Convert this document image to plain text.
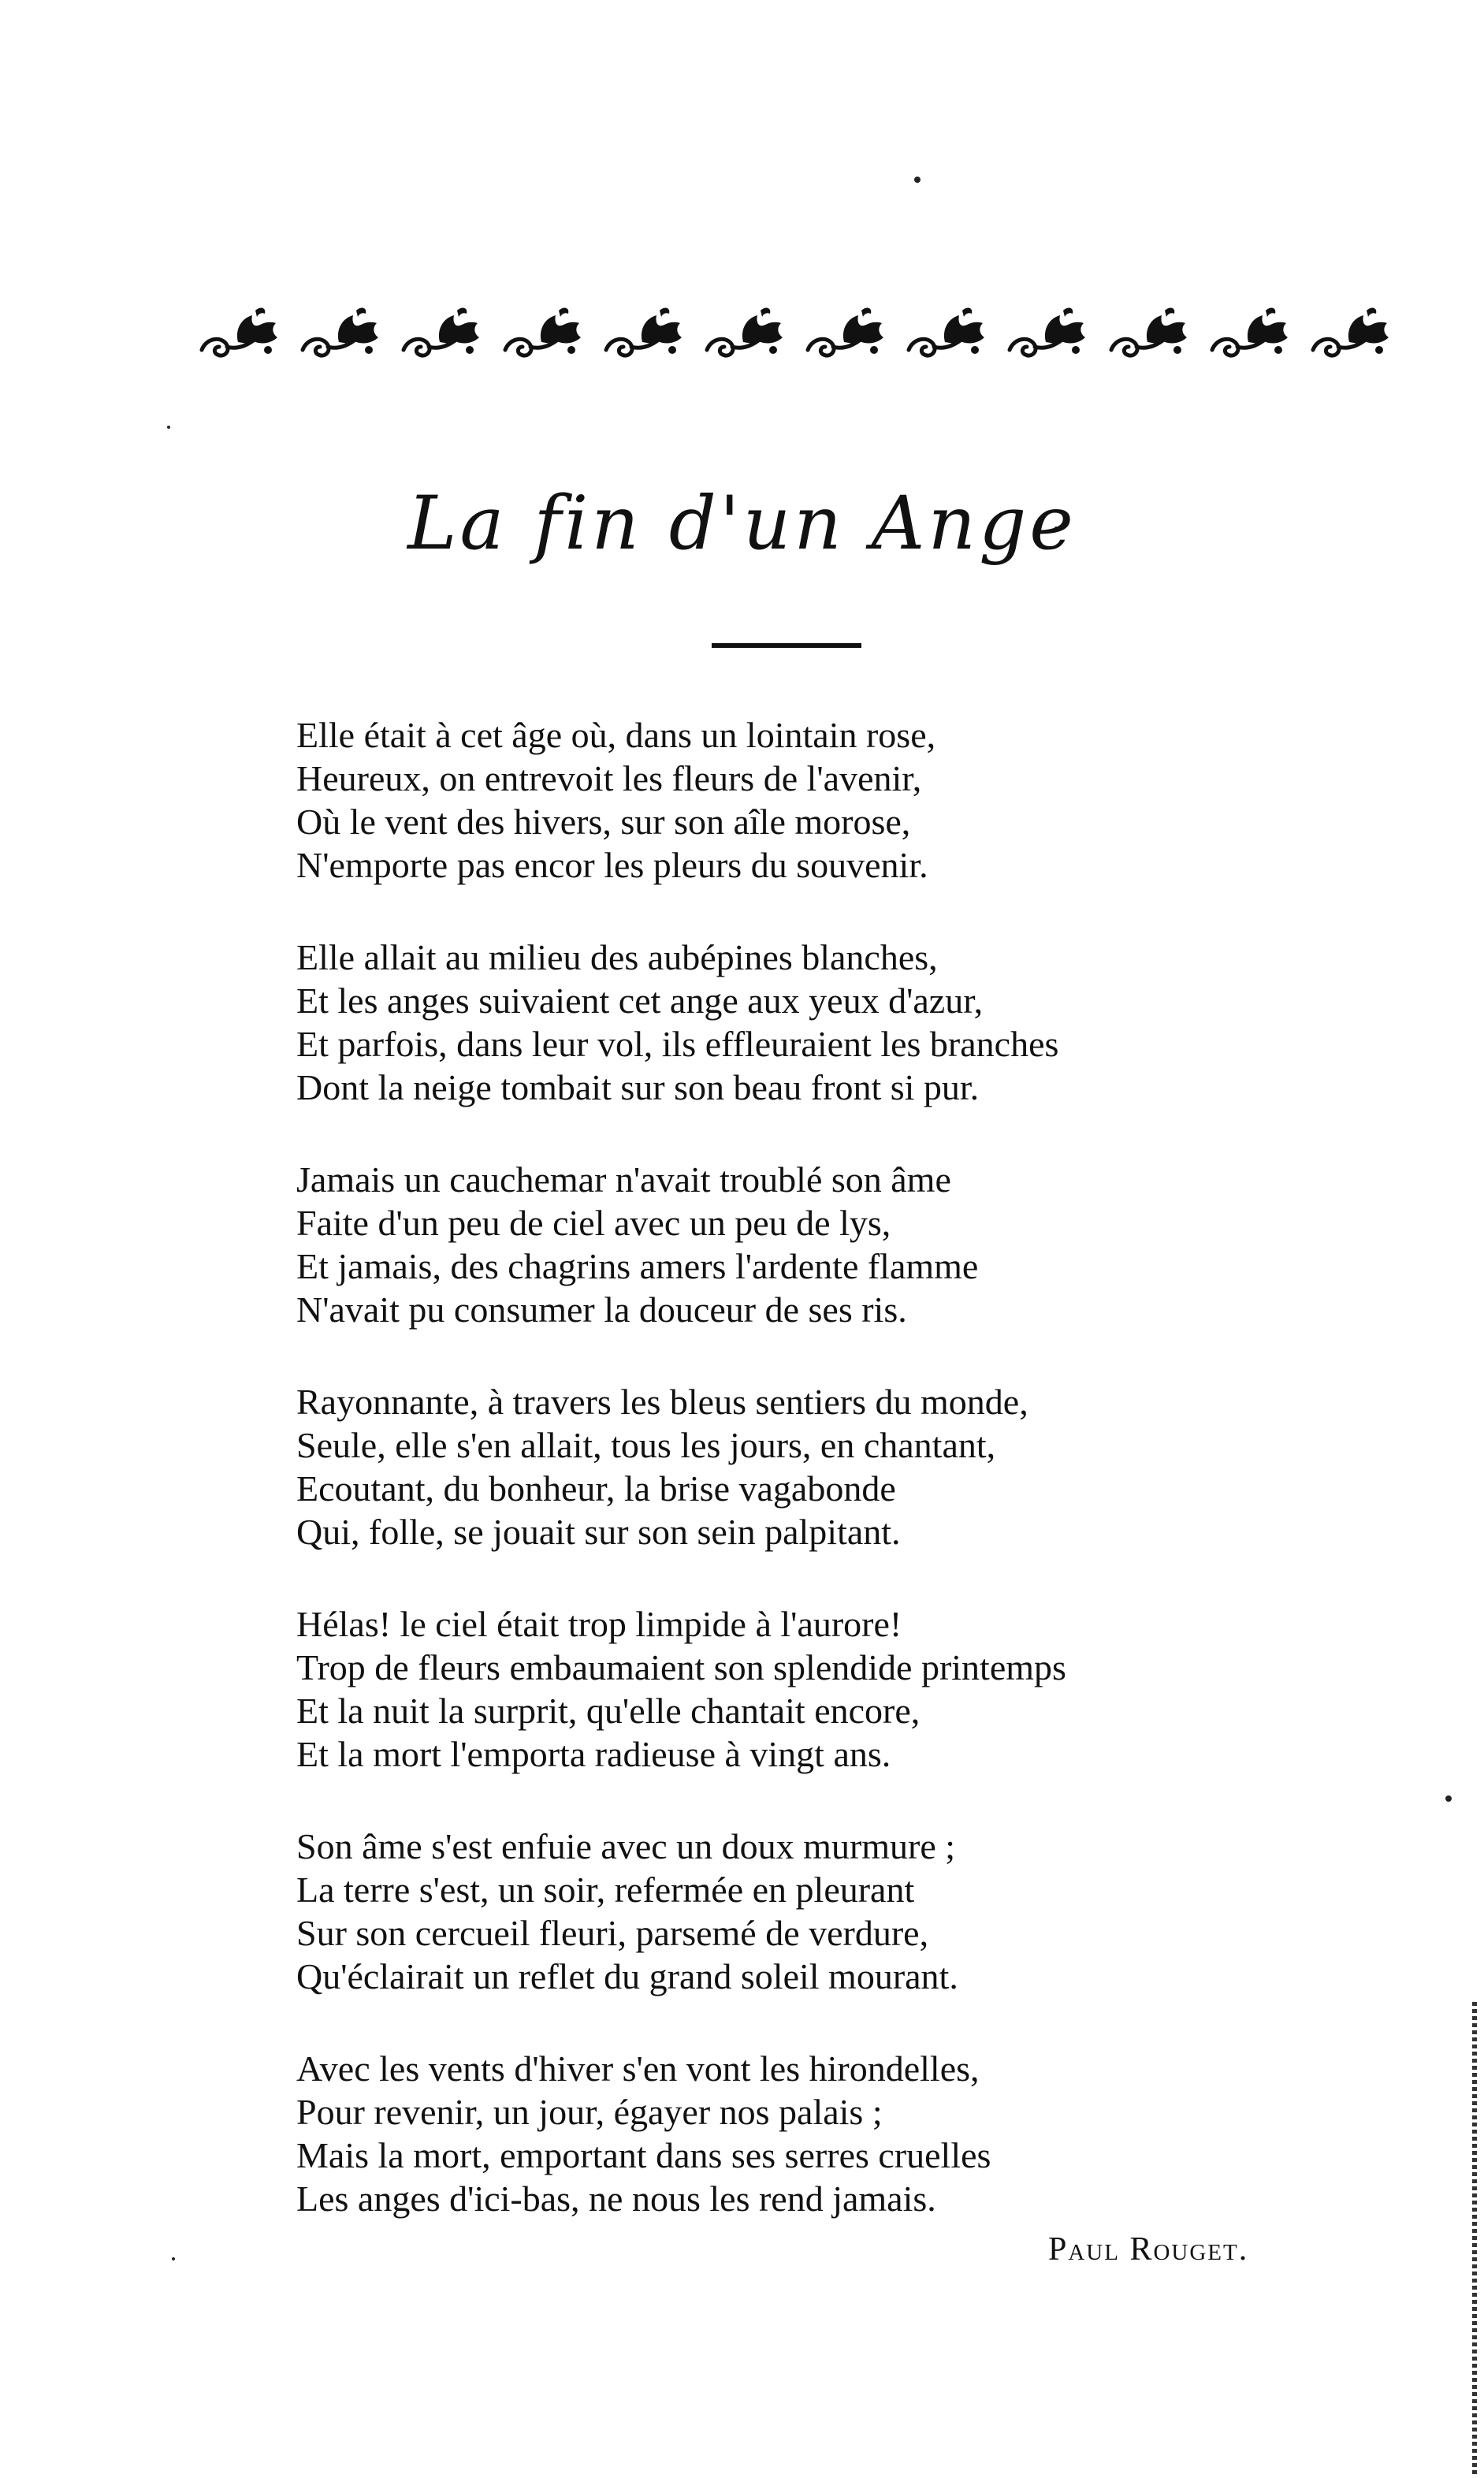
La fin d'un Ange
Elle était à cet âge où, dans un lointain rose,
Heureux, on entrevoit les fleurs de l'avenir,
Où le vent des hivers, sur son aîle morose,
N'emporte pas encor les pleurs du souvenir.
Elle allait au milieu des aubépines blanches,
Et les anges suivaient cet ange aux yeux d'azur,
Et parfois, dans leur vol, ils effleuraient les branches
Dont la neige tombait sur son beau front si pur.
Jamais un cauchemar n'avait troublé son âme
Faite d'un peu de ciel avec un peu de lys,
Et jamais, des chagrins amers l'ardente flamme
N'avait pu consumer la douceur de ses ris.
Rayonnante, à travers les bleus sentiers du monde,
Seule, elle s'en allait, tous les jours, en chantant,
Ecoutant, du bonheur, la brise vagabonde
Qui, folle, se jouait sur son sein palpitant.
Hélas! le ciel était trop limpide à l'aurore!
Trop de fleurs embaumaient son splendide printemps
Et la nuit la surprit, qu'elle chantait encore,
Et la mort l'emporta radieuse à vingt ans.
Son âme s'est enfuie avec un doux murmure ;
La terre s'est, un soir, refermée en pleurant
Sur son cercueil fleuri, parsemé de verdure,
Qu'éclairait un reflet du grand soleil mourant.
Avec les vents d'hiver s'en vont les hirondelles,
Pour revenir, un jour, égayer nos palais ;
Mais la mort, emportant dans ses serres cruelles
Les anges d'ici-bas, ne nous les rend jamais.
Paul Rouget.
